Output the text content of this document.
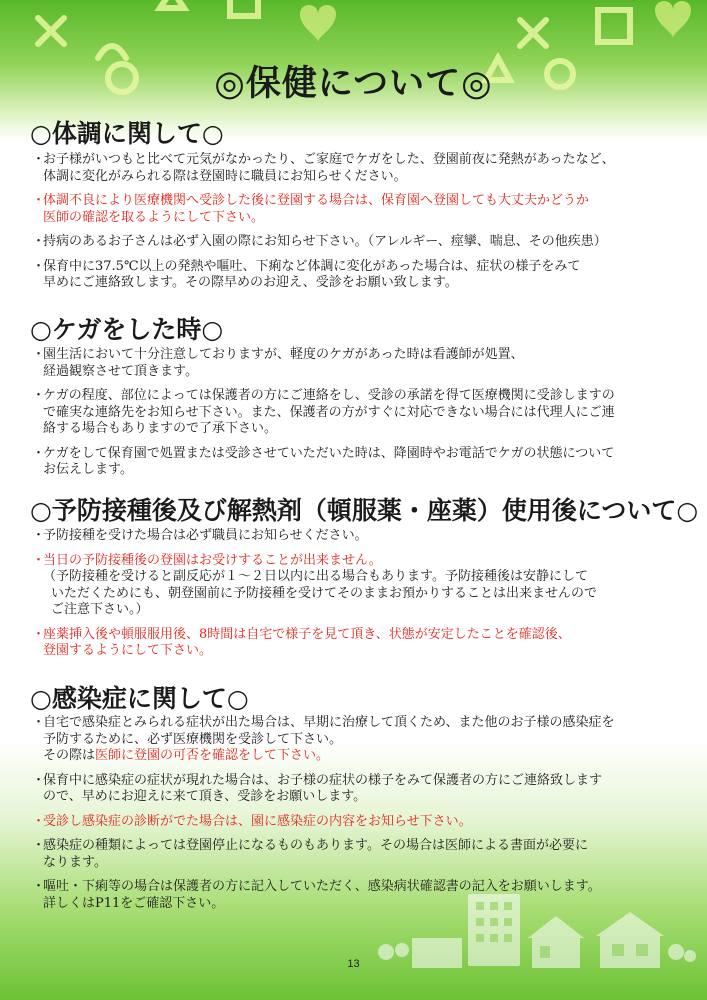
◎保健について◎
○体調に関して○
・
お子様がいつもと比べて元気がなかったり、ご家庭でケガをした、登園前夜に発熱があったなど、
体調に変化がみられる際は登園時に職員にお知らせください。
・
体調不良により医療機関へ受診した後に登園する場合は、保育園へ登園しても大丈夫かどうか
医師の確認を取るようにして下さい。
・
持病のあるお子さんは必ず入園の際にお知らせ下さい。（アレルギー、痙攣、喘息、その他疾患）
・
保育中に37.5℃以上の発熱や嘔吐、下痢など体調に変化があった場合は、症状の様子をみて
早めにご連絡致します。その際早めのお迎え、受診をお願い致します。
○ケガをした時○
・
園生活において十分注意しておりますが、軽度のケガがあった時は看護師が処置、
経過観察させて頂きます。
・
ケガの程度、部位によっては保護者の方にご連絡をし、受診の承諾を得て医療機関に受診しますの
で確実な連絡先をお知らせ下さい。また、保護者の方がすぐに対応できない場合には代理人にご連
絡する場合もありますので了承下さい。
・
ケガをして保育園で処置または受診させていただいた時は、降園時やお電話でケガの状態について
お伝えします。
○予防接種後及び解熱剤（頓服薬・座薬）使用後について○
・
予防接種を受けた場合は必ず職員にお知らせください。
・
当日の予防接種後の登園はお受けすることが出来ません。
（予防接種を受けると副反応が１～２日以内に出る場合もあります。予防接種後は安静にして
いただくためにも、朝登園前に予防接種を受けてそのままお預かりすることは出来ませんので
ご注意下さい。）
・
座薬挿入後や頓服服用後、8時間は自宅で様子を見て頂き、状態が安定したことを確認後、
登園するようにして下さい。
○感染症に関して○
・
自宅で感染症とみられる症状が出た場合は、早期に治療して頂くため、また他のお子様の感染症を
予防するために、必ず医療機関を受診して下さい。
その際は医師に登園の可否を確認をして下さい。
・
保育中に感染症の症状が現れた場合は、お子様の症状の様子をみて保護者の方にご連絡致します
ので、早めにお迎えに来て頂き、受診をお願いします。
・
受診し感染症の診断がでた場合は、園に感染症の内容をお知らせ下さい。
・
感染症の種類によっては登園停止になるものもあります。その場合は医師による書面が必要に
なります。
・
嘔吐・下痢等の場合は保護者の方に記入していただく、感染病状確認書の記入をお願いします。
詳しくはP11をご確認下さい。
13
